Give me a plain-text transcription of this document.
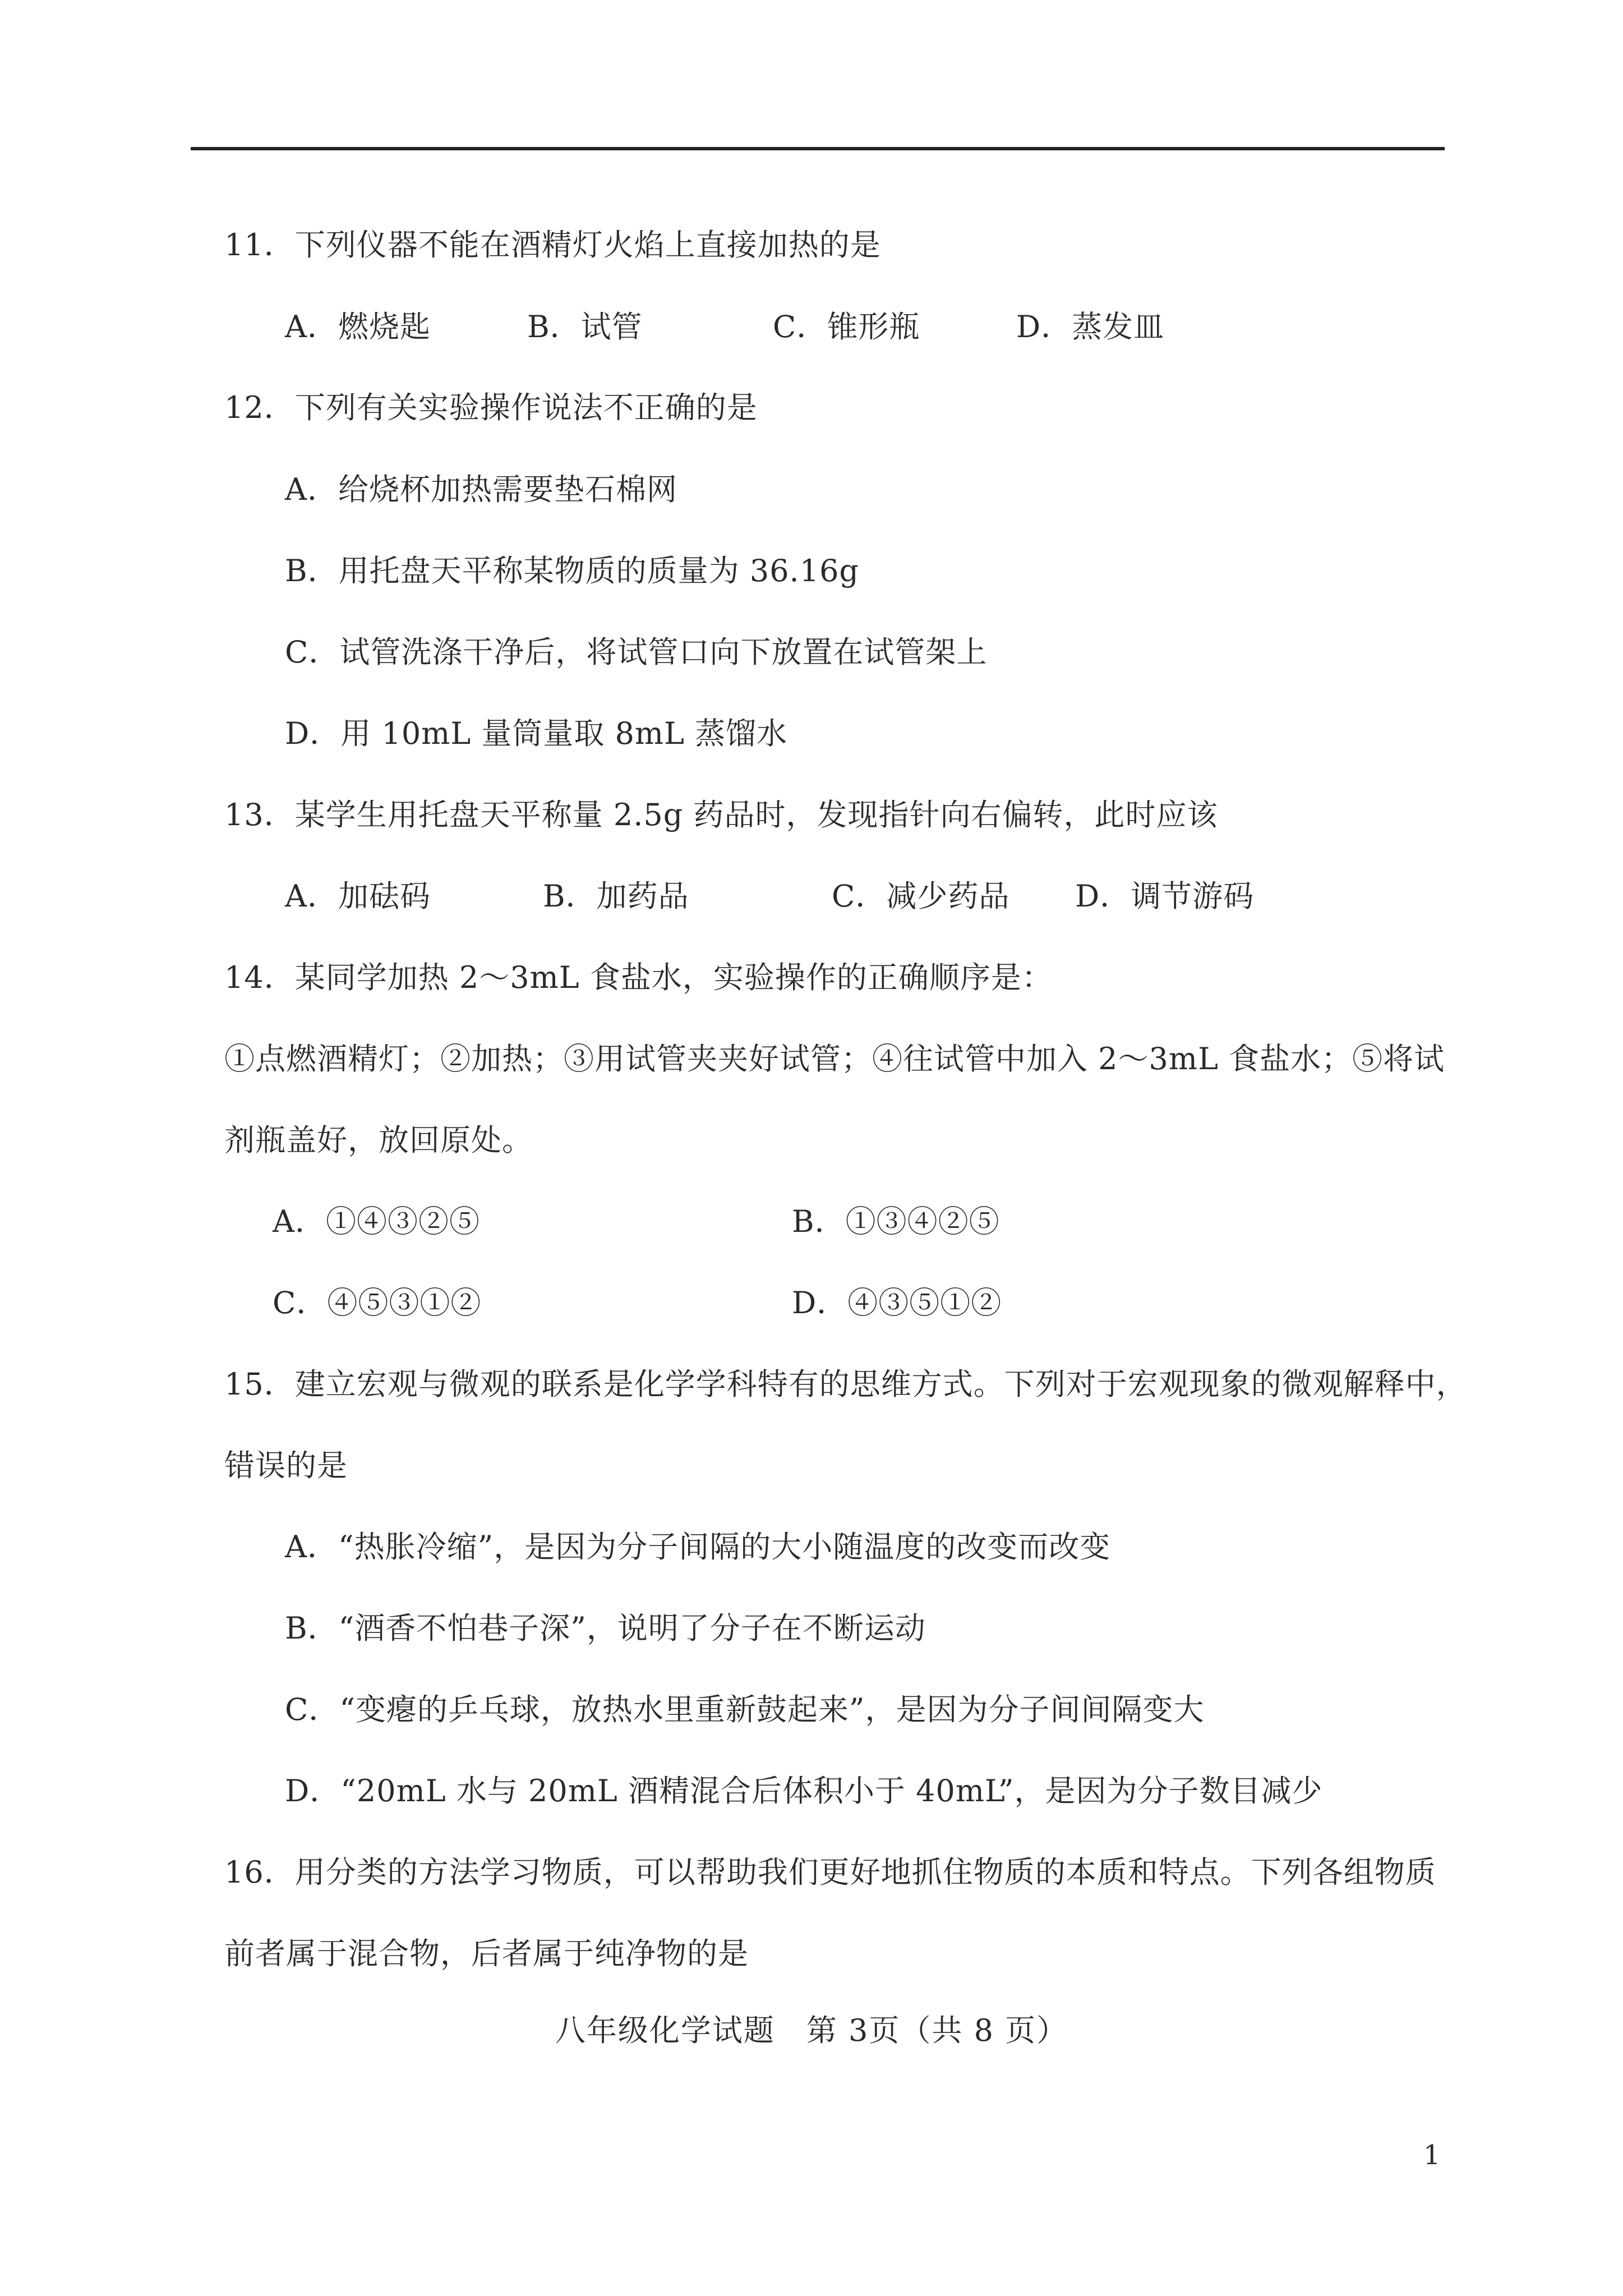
11．下列仪器不能在酒精灯火焰上直接加热的是
A．燃烧匙	B．试管	C．锥形瓶	D．蒸发皿
12．下列有关实验操作说法不正确的是
A．给烧杯加热需要垫石棉网
B．用托盘天平称某物质的质量为 36.16g
C．试管洗涤干净后，将试管口向下放置在试管架上
D．用 10mL 量筒量取 8mL 蒸馏水
13．某学生用托盘天平称量 2.5g 药品时，发现指针向右偏转，此时应该
A．加砝码	B．加药品	C．减少药品 D．调节游码
14．某同学加热 2～3mL 食盐水，实验操作的正确顺序是：
①点燃酒精灯；②加热；③用试管夹夹好试管；④往试管中加入 2～3mL 食盐水；⑤将试
剂瓶盖好，放回原处。
A．①④③②⑤	B．①③④②⑤
C．④⑤③①②	D．④③⑤①②
15．建立宏观与微观的联系是化学学科特有的思维方式。下列对于宏观现象的微观解释中，
错误的是
A．“热胀冷缩”，是因为分子间隔的大小随温度的改变而改变
B．“酒香不怕巷子深”，说明了分子在不断运动
C．“变瘪的乒乓球，放热水里重新鼓起来”，是因为分子间间隔变大
D．“20mL 水与 20mL 酒精混合后体积小于 40mL”，是因为分子数目减少
16．用分类的方法学习物质，可以帮助我们更好地抓住物质的本质和特点。下列各组物质
前者属于混合物，后者属于纯净物的是
八年级化学试题　第 3页（共 8 页）
1
